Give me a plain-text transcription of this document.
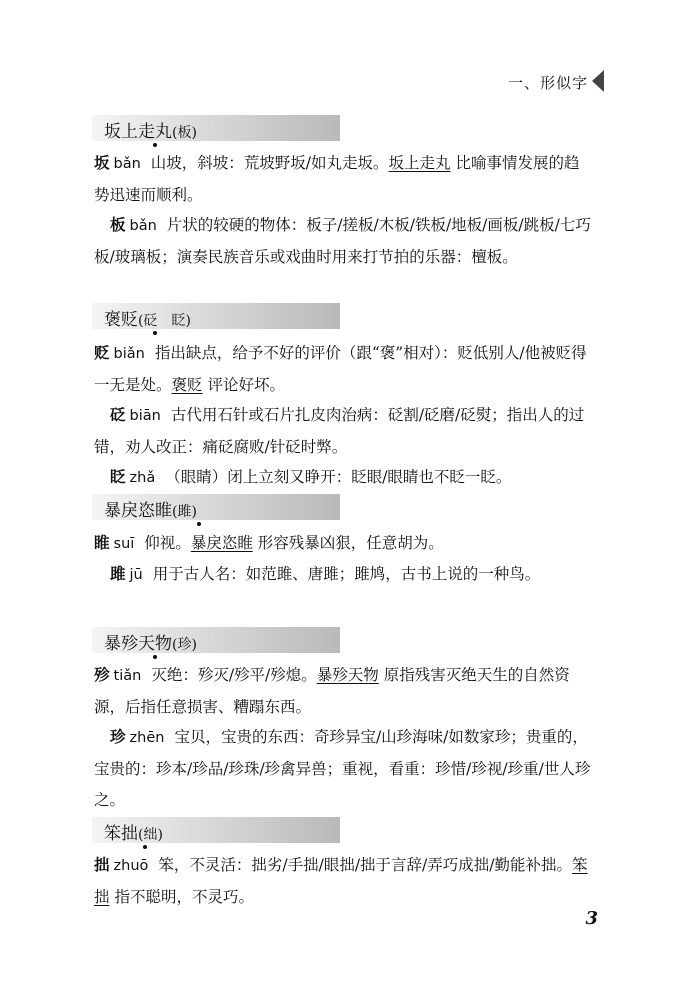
一、形似字
坂上走丸(板)
坂 bǎn 山坡，斜坡：荒坡野坂/如丸走坂。坂上走丸 比喻事情发展的趋势迅速而顺利。
板 bǎn 片状的较硬的物体：板子/搓板/木板/铁板/地板/画板/跳板/七巧板/玻璃板；演奏民族音乐或戏曲时用来打节拍的乐器：檀板。
褒贬(砭　眨)
贬 biǎn 指出缺点，给予不好的评价（跟“褒”相对）：贬低别人/他被贬得一无是处。褒贬 评论好坏。
砭 biān 古代用石针或石片扎皮肉治病：砭割/砭磨/砭熨；指出人的过错，劝人改正：痛砭腐败/针砭时弊。
眨 zhǎ （眼睛）闭上立刻又睁开：眨眼/眼睛也不眨一眨。
暴戾恣睢(雎)
睢 suī 仰视。暴戾恣睢 形容残暴凶狠，任意胡为。
雎 jū 用于古人名：如范雎、唐雎；雎鸠，古书上说的一种鸟。
暴殄天物(珍)
殄 tiǎn 灭绝：殄灭/殄平/殄熄。暴殄天物 原指残害灭绝天生的自然资源，后指任意损害、糟蹋东西。
珍 zhēn 宝贝，宝贵的东西：奇珍异宝/山珍海味/如数家珍；贵重的，宝贵的：珍本/珍品/珍珠/珍禽异兽；重视，看重：珍惜/珍视/珍重/世人珍之。
笨拙(绌)
拙 zhuō 笨，不灵活：拙劣/手拙/眼拙/拙于言辞/弄巧成拙/勤能补拙。笨拙 指不聪明，不灵巧。
3
